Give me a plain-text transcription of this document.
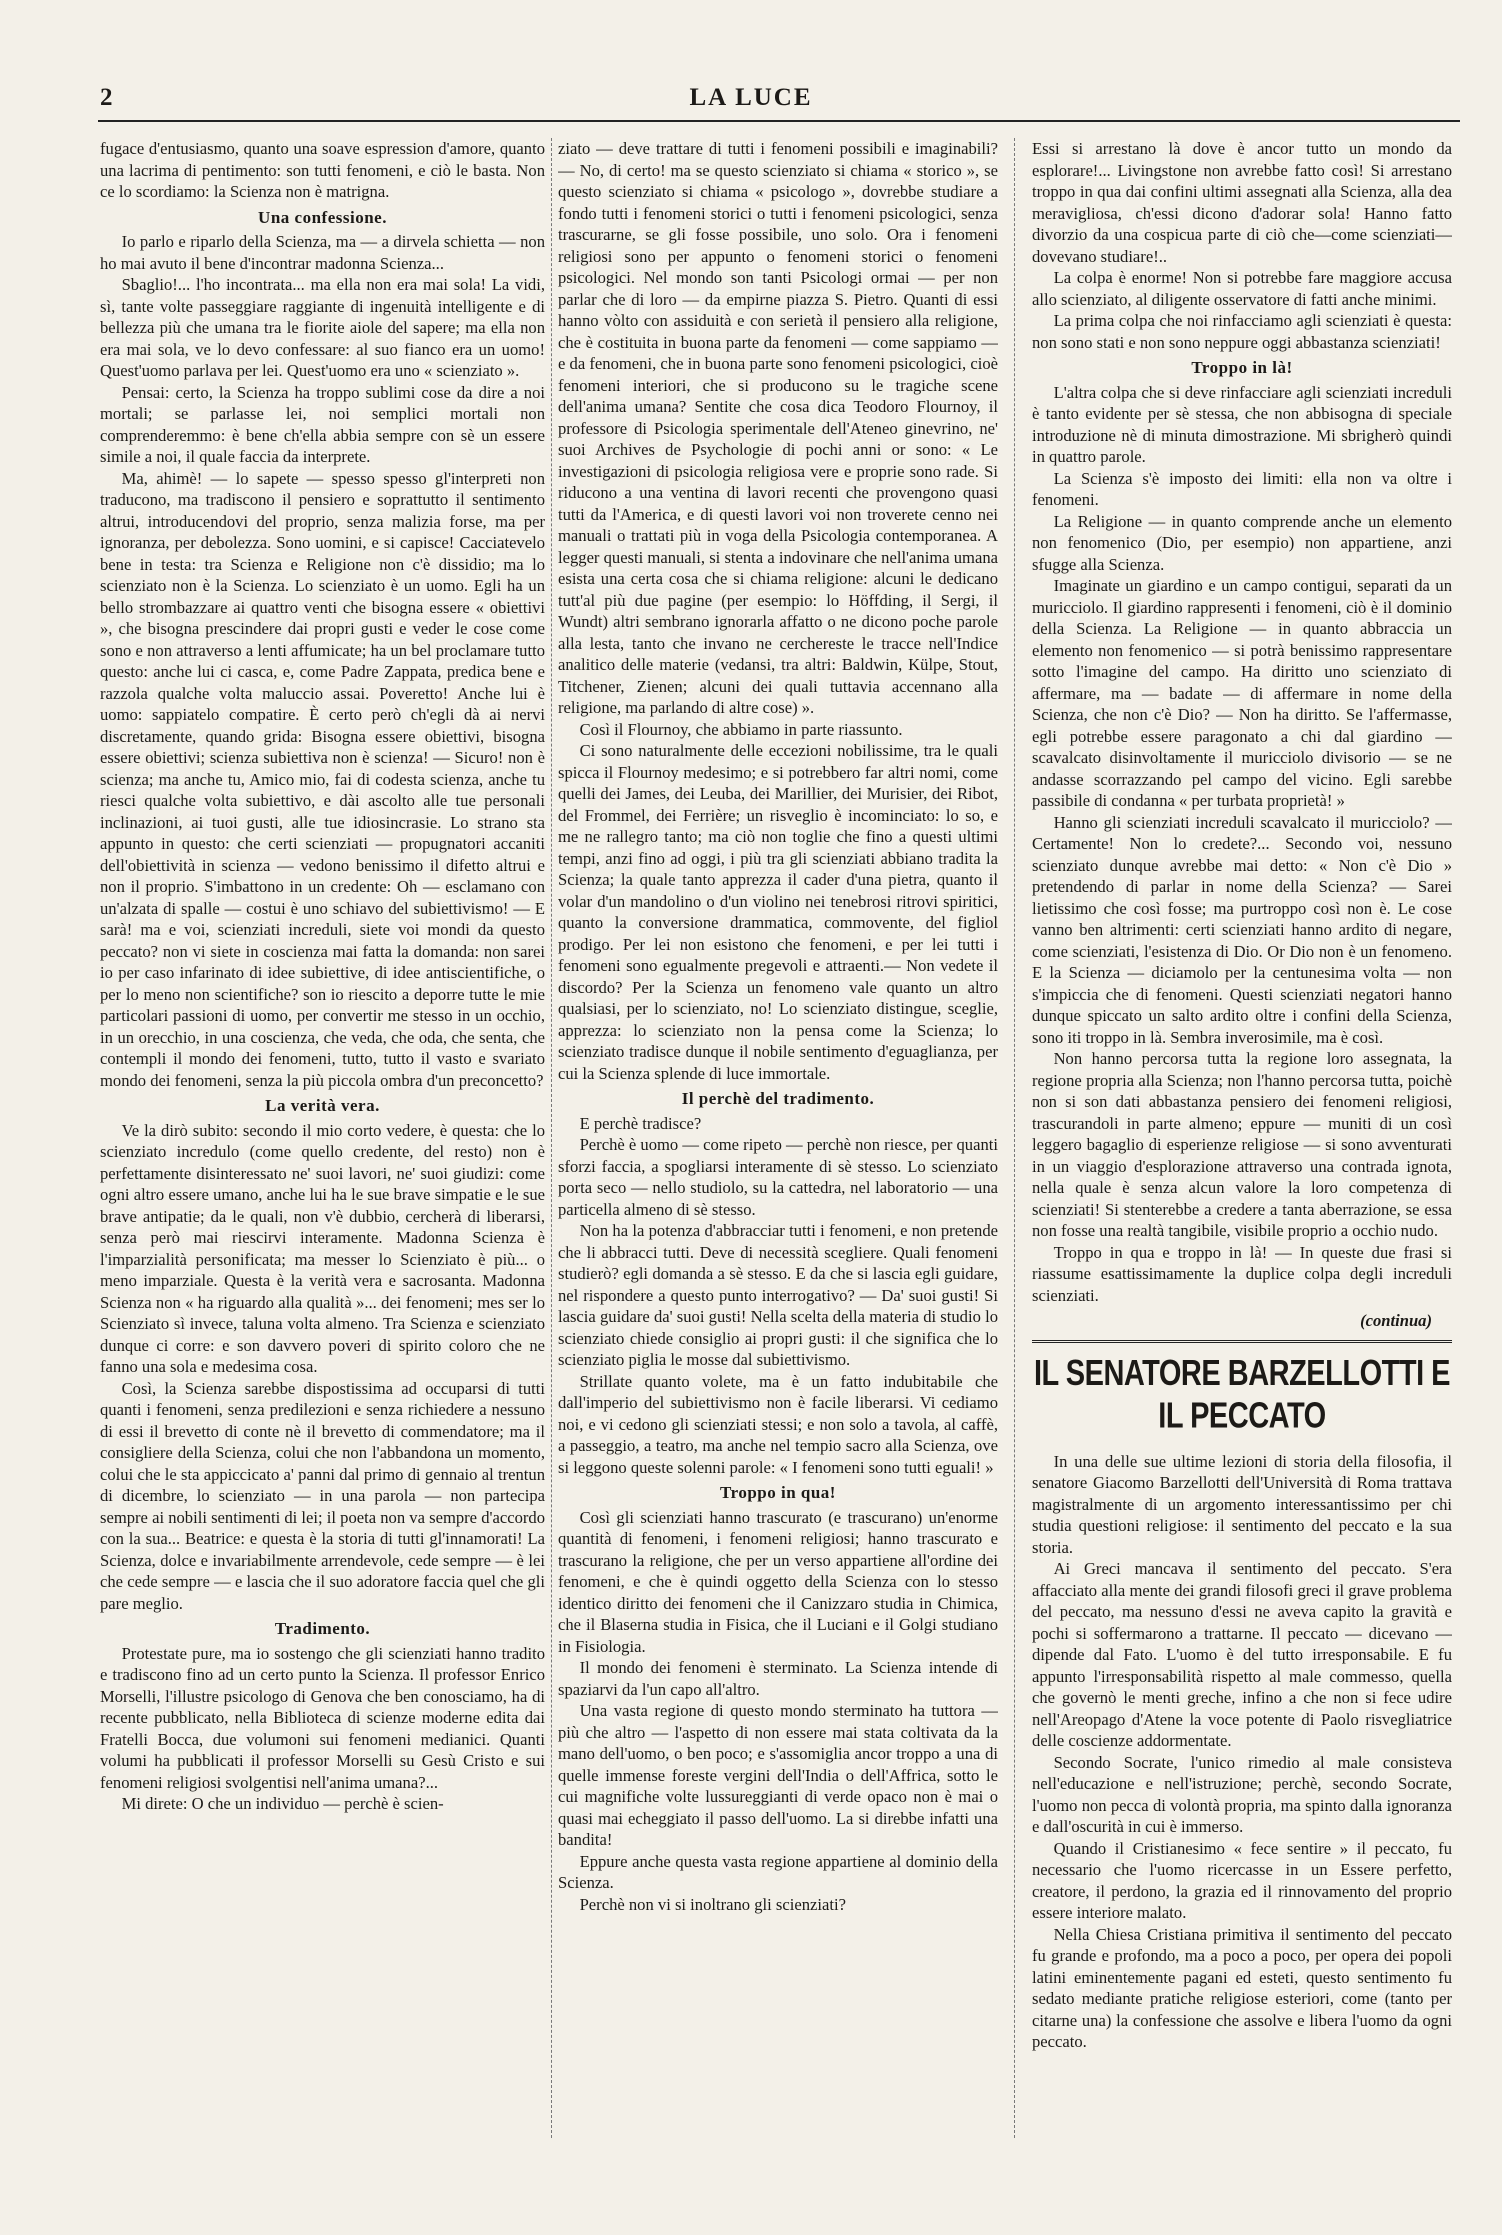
2	LA LUCE

fugace d'entusiasmo, quanto una soave espression d'amore, quanto una lacrima di pentimento: son tutti fenomeni, e ciò le basta. Non ce lo scordiamo: la Scienza non è matrigna.

Una confessione.

Io parlo e riparlo della Scienza, ma — a dirvela schietta — non ho mai avuto il bene d'incontrar madonna Scienza...

Sbaglio!... l'ho incontrata... ma ella non era mai sola! La vidi, sì, tante volte passeggiare raggiante di ingenuità intelligente e di bellezza più che umana tra le fiorite aiole del sapere; ma ella non era mai sola, ve lo devo confessare: al suo fianco era un uomo! Quest'uomo parlava per lei. Quest'uomo era uno « scienziato ».

Pensai: certo, la Scienza ha troppo sublimi cose da dire a noi mortali; se parlasse lei, noi semplici mortali non comprenderemmo: è bene ch'ella abbia sempre con sè un essere simile a noi, il quale faccia da interprete.

Ma, ahimè! — lo sapete — spesso spesso gl'interpreti non traducono, ma tradiscono il pensiero e soprattutto il sentimento altrui, introducendovi del proprio, senza malizia forse, ma per ignoranza, per debolezza. Sono uomini, e si capisce! Cacciatevelo bene in testa: tra Scienza e Religione non c'è dissidio; ma lo scienziato non è la Scienza. Lo scienziato è un uomo. Egli ha un bello strombazzare ai quattro venti che bisogna essere « obiettivi », che bisogna prescindere dai propri gusti e veder le cose come sono e non attraverso a lenti affumicate; ha un bel proclamare tutto questo: anche lui ci casca, e, come Padre Zappata, predica bene e razzola qualche volta maluccio assai. Poveretto! Anche lui è uomo: sappiatelo compatire. È certo però ch'egli dà ai nervi discretamente, quando grida: Bisogna essere obiettivi, bisogna essere obiettivi; scienza subiettiva non è scienza! — Sicuro! non è scienza; ma anche tu, Amico mio, fai di codesta scienza, anche tu riesci qualche volta subiettivo, e dài ascolto alle tue personali inclinazioni, ai tuoi gusti, alle tue idiosincrasie. Lo strano sta appunto in questo: che certi scienziati — propugnatori accaniti dell'obiettività in scienza — vedono benissimo il difetto altrui e non il proprio. S'imbattono in un credente: Oh — esclamano con un'alzata di spalle — costui è uno schiavo del subiettivismo! — E sarà! ma e voi, scienziati increduli, siete voi mondi da questo peccato? non vi siete in coscienza mai fatta la domanda: non sarei io per caso infarinato di idee subiettive, di idee antiscientifiche, o per lo meno non scientifiche? son io riescito a deporre tutte le mie particolari passioni di uomo, per convertir me stesso in un occhio, in un orecchio, in una coscienza, che veda, che oda, che senta, che contempli il mondo dei fenomeni, tutto, tutto il vasto e svariato mondo dei fenomeni, senza la più piccola ombra d'un preconcetto?

La verità vera.

Ve la dirò subito: secondo il mio corto vedere, è questa: che lo scienziato incredulo (come quello credente, del resto) non è perfettamente disinteressato ne' suoi lavori, ne' suoi giudizi: come ogni altro essere umano, anche lui ha le sue brave simpatie e le sue brave antipatie; da le quali, non v'è dubbio, cercherà di liberarsi, senza però mai riescirvi interamente. Madonna Scienza è l'imparzialità personificata; ma messer lo Scienziato è più... o meno imparziale. Questa è la verità vera e sacrosanta. Madonna Scienza non « ha riguardo alla qualità »... dei fenomeni; mes ser lo Scienziato sì invece, taluna volta almeno. Tra Scienza e scienziato dunque ci corre: e son davvero poveri di spirito coloro che ne fanno una sola e medesima cosa.

Così, la Scienza sarebbe dispostissima ad occuparsi di tutti quanti i fenomeni, senza predilezioni e senza richiedere a nessuno di essi il brevetto di conte nè il brevetto di commendatore; ma il consigliere della Scienza, colui che non l'abbandona un momento, colui che le sta appiccicato a' panni dal primo di gennaio al trentun di dicembre, lo scienziato — in una parola — non partecipa sempre ai nobili sentimenti di lei; il poeta non va sempre d'accordo con la sua... Beatrice: e questa è la storia di tutti gl'innamorati! La Scienza, dolce e invariabilmente arrendevole, cede sempre — è lei che cede sempre — e lascia che il suo adoratore faccia quel che gli pare meglio.

Tradimento.

Protestate pure, ma io sostengo che gli scienziati hanno tradito e tradiscono fino ad un certo punto la Scienza. Il professor Enrico Morselli, l'illustre psicologo di Genova che ben conosciamo, ha di recente pubblicato, nella Biblioteca di scienze moderne edita dai Fratelli Bocca, due volumoni sui fenomeni medianici. Quanti volumi ha pubblicati il professor Morselli su Gesù Cristo e sui fenomeni religiosi svolgentisi nell'anima umana?...

Mi direte: O che un individuo — perchè è scien-

ziato — deve trattare di tutti i fenomeni possibili e imaginabili? — No, di certo! ma se questo scienziato si chiama « storico », se questo scienziato si chiama « psicologo », dovrebbe studiare a fondo tutti i fenomeni storici o tutti i fenomeni psicologici, senza trascurarne, se gli fosse possibile, uno solo. Ora i fenomeni religiosi sono per appunto o fenomeni storici o fenomeni psicologici. Nel mondo son tanti Psicologi ormai — per non parlar che di loro — da empirne piazza S. Pietro. Quanti di essi hanno vòlto con assiduità e con serietà il pensiero alla religione, che è costituita in buona parte da fenomeni — come sappiamo — e da fenomeni, che in buona parte sono fenomeni psicologici, cioè fenomeni interiori, che si producono su le tragiche scene dell'anima umana? Sentite che cosa dica Teodoro Flournoy, il professore di Psicologia sperimentale dell'Ateneo ginevrino, ne' suoi Archives de Psychologie di pochi anni or sono: « Le investigazioni di psicologia religiosa vere e proprie sono rade. Si riducono a una ventina di lavori recenti che provengono quasi tutti da l'America, e di questi lavori voi non troverete cenno nei manuali o trattati più in voga della Psicologia contemporanea. A legger questi manuali, si stenta a indovinare che nell'anima umana esista una certa cosa che si chiama religione: alcuni le dedicano tutt'al più due pagine (per esempio: lo Höffding, il Sergi, il Wundt) altri sembrano ignorarla affatto o ne dicono poche parole alla lesta, tanto che invano ne cerchereste le tracce nell'Indice analitico delle materie (vedansi, tra altri: Baldwin, Külpe, Stout, Titchener, Zienen; alcuni dei quali tuttavia accennano alla religione, ma parlando di altre cose) ».

Così il Flournoy, che abbiamo in parte riassunto.

Ci sono naturalmente delle eccezioni nobilissime, tra le quali spicca il Flournoy medesimo; e si potrebbero far altri nomi, come quelli dei James, dei Leuba, dei Marillier, dei Murisier, dei Ribot, del Frommel, dei Ferrière; un risveglio è incominciato: lo so, e me ne rallegro tanto; ma ciò non toglie che fino a questi ultimi tempi, anzi fino ad oggi, i più tra gli scienziati abbiano tradita la Scienza; la quale tanto apprezza il cader d'una pietra, quanto il volar d'un mandolino o d'un violino nei tenebrosi ritrovi spiritici, quanto la conversione drammatica, commovente, del figliol prodigo. Per lei non esistono che fenomeni, e per lei tutti i fenomeni sono egualmente pregevoli e attraenti.— Non vedete il discordo? Per la Scienza un fenomeno vale quanto un altro qualsiasi, per lo scienziato, no! Lo scienziato distingue, sceglie, apprezza: lo scienziato non la pensa come la Scienza; lo scienziato tradisce dunque il nobile sentimento d'eguaglianza, per cui la Scienza splende di luce immortale.

Il perchè del tradimento.

E perchè tradisce?

Perchè è uomo — come ripeto — perchè non riesce, per quanti sforzi faccia, a spogliarsi interamente di sè stesso. Lo scienziato porta seco — nello studiolo, su la cattedra, nel laboratorio — una particella almeno di sè stesso.

Non ha la potenza d'abbracciar tutti i fenomeni, e non pretende che li abbracci tutti. Deve di necessità scegliere. Quali fenomeni studierò? egli domanda a sè stesso. E da che si lascia egli guidare, nel rispondere a questo punto interrogativo? — Da' suoi gusti! Si lascia guidare da' suoi gusti! Nella scelta della materia di studio lo scienziato chiede consiglio ai propri gusti: il che significa che lo scienziato piglia le mosse dal subiettivismo.

Strillate quanto volete, ma è un fatto indubitabile che dall'imperio del subiettivismo non è facile liberarsi. Vi cediamo noi, e vi cedono gli scienziati stessi; e non solo a tavola, al caffè, a passeggio, a teatro, ma anche nel tempio sacro alla Scienza, ove si leggono queste solenni parole: « I fenomeni sono tutti eguali! »

Troppo in qua!

Così gli scienziati hanno trascurato (e trascurano) un'enorme quantità di fenomeni, i fenomeni religiosi; hanno trascurato e trascurano la religione, che per un verso appartiene all'ordine dei fenomeni, e che è quindi oggetto della Scienza con lo stesso identico diritto dei fenomeni che il Canizzaro studia in Chimica, che il Blaserna studia in Fisica, che il Luciani e il Golgi studiano in Fisiologia.

Il mondo dei fenomeni è sterminato. La Scienza intende di spaziarvi da l'un capo all'altro.

Una vasta regione di questo mondo sterminato ha tuttora — più che altro — l'aspetto di non essere mai stata coltivata da la mano dell'uomo, o ben poco; e s'assomiglia ancor troppo a una di quelle immense foreste vergini dell'India o dell'Affrica, sotto le cui magnifiche volte lussureggianti di verde opaco non è mai o quasi mai echeggiato il passo dell'uomo. La si direbbe infatti una bandita!

Eppure anche questa vasta regione appartiene al dominio della Scienza.

Perchè non vi si inoltrano gli scienziati?

Essi si arrestano là dove è ancor tutto un mondo da esplorare!... Livingstone non avrebbe fatto così! Si arrestano troppo in qua dai confini ultimi assegnati alla Scienza, alla dea meravigliosa, ch'essi dicono d'adorar sola! Hanno fatto divorzio da una cospicua parte di ciò che—come scienziati—dovevano studiare!..

La colpa è enorme! Non si potrebbe fare maggiore accusa allo scienziato, al diligente osservatore di fatti anche minimi.

La prima colpa che noi rinfacciamo agli scienziati è questa: non sono stati e non sono neppure oggi abbastanza scienziati!

Troppo in là!

L'altra colpa che si deve rinfacciare agli scienziati increduli è tanto evidente per sè stessa, che non abbisogna di speciale introduzione nè di minuta dimostrazione. Mi sbrigherò quindi in quattro parole.

La Scienza s'è imposto dei limiti: ella non va oltre i fenomeni.

La Religione — in quanto comprende anche un elemento non fenomenico (Dio, per esempio) non appartiene, anzi sfugge alla Scienza.

Imaginate un giardino e un campo contigui, separati da un muricciolo. Il giardino rappresenti i fenomeni, ciò è il dominio della Scienza. La Religione — in quanto abbraccia un elemento non fenomenico — si potrà benissimo rappresentare sotto l'imagine del campo. Ha diritto uno scienziato di affermare, ma — badate — di affermare in nome della Scienza, che non c'è Dio? — Non ha diritto. Se l'affermasse, egli potrebbe essere paragonato a chi dal giardino — scavalcato disinvoltamente il muricciolo divisorio — se ne andasse scorrazzando pel campo del vicino. Egli sarebbe passibile di condanna « per turbata proprietà! »

Hanno gli scienziati increduli scavalcato il muricciolo? — Certamente! Non lo credete?... Secondo voi, nessuno scienziato dunque avrebbe mai detto: « Non c'è Dio » pretendendo di parlar in nome della Scienza? — Sarei lietissimo che così fosse; ma purtroppo così non è. Le cose vanno ben altrimenti: certi scienziati hanno ardito di negare, come scienziati, l'esistenza di Dio. Or Dio non è un fenomeno. E la Scienza — diciamolo per la centunesima volta — non s'impiccia che di fenomeni. Questi scienziati negatori hanno dunque spiccato un salto ardito oltre i confini della Scienza, sono iti troppo in là. Sembra inverosimile, ma è così.

Non hanno percorsa tutta la regione loro assegnata, la regione propria alla Scienza; non l'hanno percorsa tutta, poichè non si son dati abbastanza pensiero dei fenomeni religiosi, trascurandoli in parte almeno; eppure — muniti di un così leggero bagaglio di esperienze religiose — si sono avventurati in un viaggio d'esplorazione attraverso una contrada ignota, nella quale è senza alcun valore la loro competenza di scienziati! Si stenterebbe a credere a tanta aberrazione, se essa non fosse una realtà tangibile, visibile proprio a occhio nudo.

Troppo in qua e troppo in là! — In queste due frasi si riassume esattissimamente la duplice colpa degli increduli scienziati.

(continua)
IL SENATORE BARZELLOTTI E IL PECCATO

In una delle sue ultime lezioni di storia della filosofia, il senatore Giacomo Barzellotti dell'Università di Roma trattava magistralmente di un argomento interessantissimo per chi studia questioni religiose: il sentimento del peccato e la sua storia.

Ai Greci mancava il sentimento del peccato. S'era affacciato alla mente dei grandi filosofi greci il grave problema del peccato, ma nessuno d'essi ne aveva capito la gravità e pochi si soffermarono a trattarne. Il peccato — dicevano — dipende dal Fato. L'uomo è del tutto irresponsabile. E fu appunto l'irresponsabilità rispetto al male commesso, quella che governò le menti greche, infino a che non si fece udire nell'Areopago d'Atene la voce potente di Paolo risvegliatrice delle coscienze addormentate.

Secondo Socrate, l'unico rimedio al male consisteva nell'educazione e nell'istruzione; perchè, secondo Socrate, l'uomo non pecca di volontà propria, ma spinto dalla ignoranza e dall'oscurità in cui è immerso.

Quando il Cristianesimo « fece sentire » il peccato, fu necessario che l'uomo ricercasse in un Essere perfetto, creatore, il perdono, la grazia ed il rinnovamento del proprio essere interiore malato.

Nella Chiesa Cristiana primitiva il sentimento del peccato fu grande e profondo, ma a poco a poco, per opera dei popoli latini eminentemente pagani ed esteti, questo sentimento fu sedato mediante pratiche religiose esteriori, come (tanto per citarne una) la confessione che assolve e libera l'uomo da ogni peccato.
